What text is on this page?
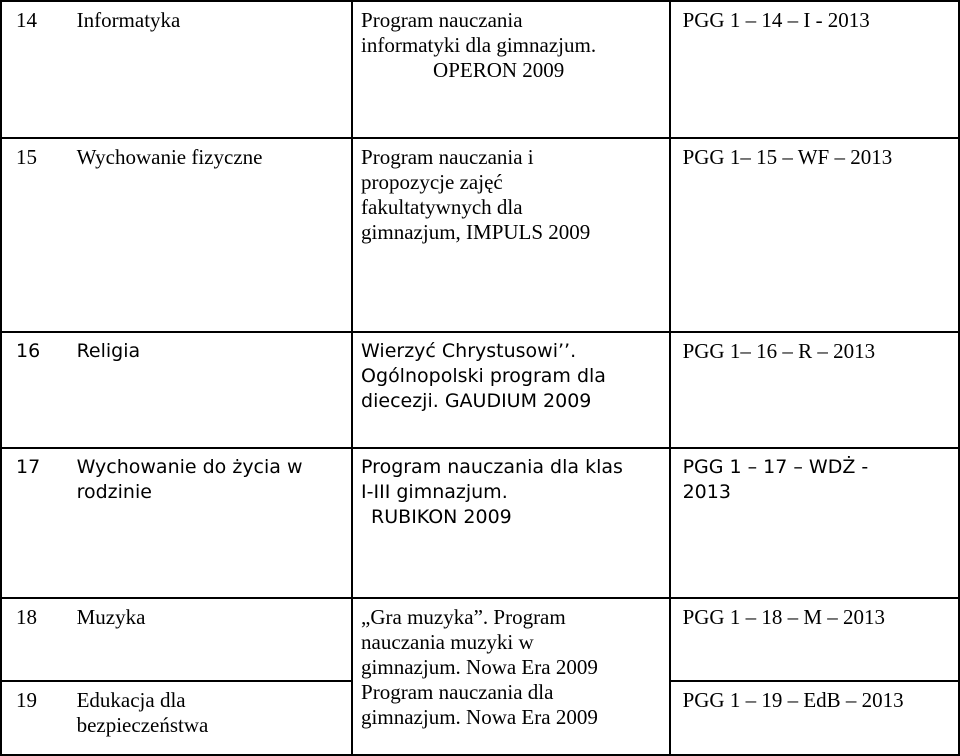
14	Informatyka	Program nauczania
informatyki dla gimnazjum.
OPERON 2009	PGG 1 – 14 – I - 2013

15	Wychowanie fizyczne	Program nauczania i
propozycje zajęć
fakultatywnych dla
gimnazjum, IMPULS 2009	PGG 1– 15 – WF – 2013

16	Religia	Wierzyć Chrystusowi’’.
Ogólnopolski program dla
diecezji. GAUDIUM 2009	PGG 1– 16 – R – 2013

17	Wychowanie do życia w
rodzinie	Program nauczania dla klas
I-III gimnazjum.
RUBIKON 2009	PGG 1 – 17 – WDŻ -
2013

18	Muzyka	„Gra muzyka”. Program
nauczania muzyki w
gimnazjum. Nowa Era 2009
Program nauczania dla
gimnazjum. Nowa Era 2009	PGG 1 – 18 – M – 2013

19	Edukacja dla
bezpieczeństwa		PGG 1 – 19 – EdB – 2013
